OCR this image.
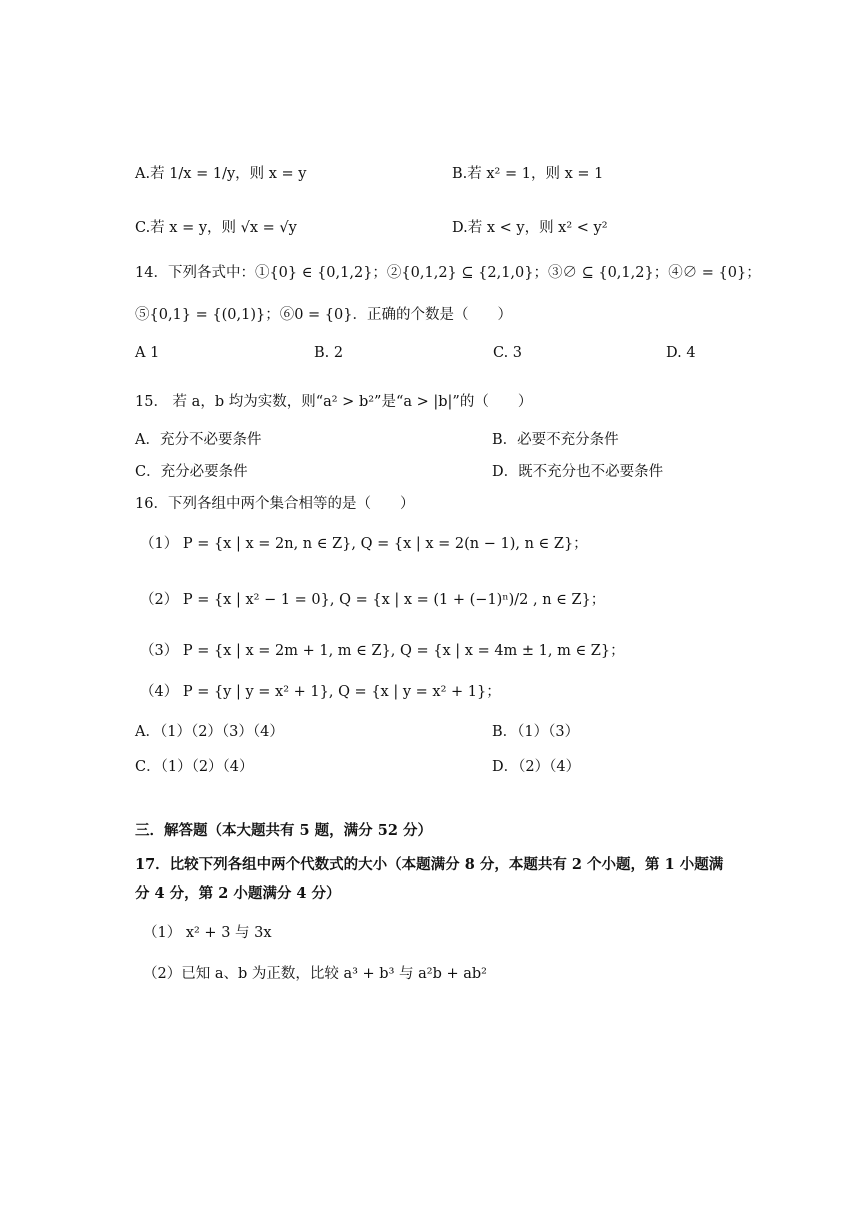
A.若 1/x = 1/y，则 x = y	B.若 x² = 1，则 x = 1
C.若 x = y，则 √x = √y	D.若 x < y，则 x² < y²
14．下列各式中：①{0} ∈ {0,1,2}；②{0,1,2} ⊆ {2,1,0}；③∅ ⊆ {0,1,2}；④∅ = {0}；
⑤{0,1} = {(0,1)}；⑥0 = {0}．正确的个数是（　　）
A 1	B. 2	C. 3	D. 4
15． 若 a，b 均为实数，则“a² > b²”是“a > |b|”的（　　）
A．充分不必要条件	B．必要不充分条件
C．充分必要条件	D．既不充分也不必要条件
16．下列各组中两个集合相等的是（　　）
（1） P = {x | x = 2n, n ∈ Z}, Q = {x | x = 2(n − 1), n ∈ Z}；
（2） P = {x | x² − 1 = 0}, Q = {x | x = (1 + (−1)ⁿ)/2 , n ∈ Z}；
（3） P = {x | x = 2m + 1, m ∈ Z}, Q = {x | x = 4m ± 1, m ∈ Z}；
（4） P = {y | y = x² + 1}, Q = {x | y = x² + 1}；
A．（1）（2）（3）（4）	B．（1）（3）
C．（1）（2）（4）	D．（2）（4）
三．解答题（本大题共有 5 题，满分 52 分）
17．比较下列各组中两个代数式的大小（本题满分 8 分，本题共有 2 个小题，第 1 小题满
分 4 分，第 2 小题满分 4 分）
（1） x² + 3 与 3x
（2）已知 a、b 为正数，比较 a³ + b³ 与 a²b + ab²
